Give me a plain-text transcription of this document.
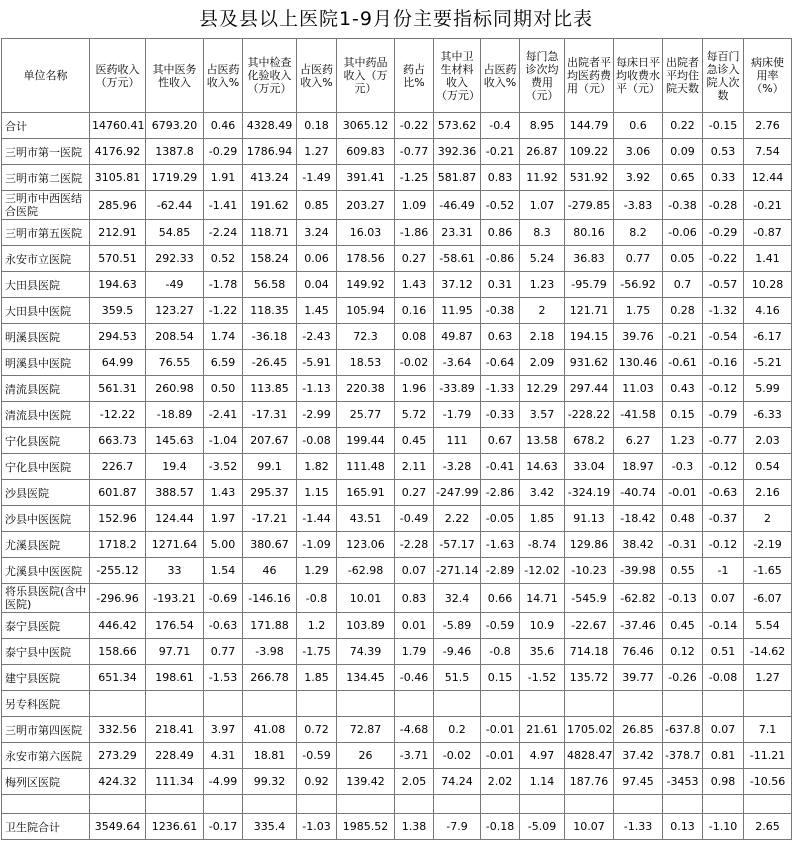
县及县以上医院1-9月份主要指标同期对比表
单位名称	医药收入（万元）	其中医务性收入	占医药收入%	其中检查化验收入（万元）	占医药收入%	其中药品收入（万元）	药占比%	其中卫生材料收入（万元）	占医药收入%	每门急诊次均费用（元）	出院者平均医药费用（元）	每床日平均收费水平（元）	出院者平均住院天数	每百门急诊入院人次数	病床使用率（%）
合计	14760.41	6793.20	0.46	4328.49	0.18	3065.12	-0.22	573.62	-0.4	8.95	144.79	0.6	0.22	-0.15	2.76
三明市第一医院	4176.92	1387.8	-0.29	1786.94	1.27	609.83	-0.77	392.36	-0.21	26.87	109.22	3.06	0.09	0.53	7.54
三明市第二医院	3105.81	1719.29	1.91	413.24	-1.49	391.41	-1.25	581.87	0.83	11.92	531.92	3.92	0.65	0.33	12.44
三明市中西医结合医院	285.96	-62.44	-1.41	191.62	0.85	203.27	1.09	-46.49	-0.52	1.07	-279.85	-3.83	-0.38	-0.28	-0.21
三明市第五医院	212.91	54.85	-2.24	118.71	3.24	16.03	-1.86	23.31	0.86	8.3	80.16	8.2	-0.06	-0.29	-0.87
永安市立医院	570.51	292.33	0.52	158.24	0.06	178.56	0.27	-58.61	-0.86	5.24	36.83	0.77	0.05	-0.22	1.41
大田县医院	194.63	-49	-1.78	56.58	0.04	149.92	1.43	37.12	0.31	1.23	-95.79	-56.92	0.7	-0.57	10.28
大田县中医院	359.5	123.27	-1.22	118.35	1.45	105.94	0.16	11.95	-0.38	2	121.71	1.75	0.28	-1.32	4.16
明溪县医院	294.53	208.54	1.74	-36.18	-2.43	72.3	0.08	49.87	0.63	2.18	194.15	39.76	-0.21	-0.54	-6.17
明溪县中医院	64.99	76.55	6.59	-26.45	-5.91	18.53	-0.02	-3.64	-0.64	2.09	931.62	130.46	-0.61	-0.16	-5.21
清流县医院	561.31	260.98	0.50	113.85	-1.13	220.38	1.96	-33.89	-1.33	12.29	297.44	11.03	0.43	-0.12	5.99
清流县中医院	-12.22	-18.89	-2.41	-17.31	-2.99	25.77	5.72	-1.79	-0.33	3.57	-228.22	-41.58	0.15	-0.79	-6.33
宁化县医院	663.73	145.63	-1.04	207.67	-0.08	199.44	0.45	111	0.67	13.58	678.2	6.27	1.23	-0.77	2.03
宁化县中医院	226.7	19.4	-3.52	99.1	1.82	111.48	2.11	-3.28	-0.41	14.63	33.04	18.97	-0.3	-0.12	0.54
沙县医院	601.87	388.57	1.43	295.37	1.15	165.91	0.27	-247.99	-2.86	3.42	-324.19	-40.74	-0.01	-0.63	2.16
沙县中医医院	152.96	124.44	1.97	-17.21	-1.44	43.51	-0.49	2.22	-0.05	1.85	91.13	-18.42	0.48	-0.37	2
尤溪县医院	1718.2	1271.64	5.00	380.67	-1.09	123.06	-2.28	-57.17	-1.63	-8.74	129.86	38.42	-0.31	-0.12	-2.19
尤溪县中医医院	-255.12	33	1.54	46	1.29	-62.98	0.07	-271.14	-2.89	-12.02	-10.23	-39.98	0.55	-1	-1.65
将乐县医院(含中医院)	-296.96	-193.21	-0.69	-146.16	-0.8	10.01	0.83	32.4	0.66	14.71	-545.9	-62.82	-0.13	0.07	-6.07
泰宁县医院	446.42	176.54	-0.63	171.88	1.2	103.89	0.01	-5.89	-0.59	10.9	-22.67	-37.46	0.45	-0.14	5.54
泰宁县中医院	158.66	97.71	0.77	-3.98	-1.75	74.39	1.79	-9.46	-0.8	35.6	714.18	76.46	0.12	0.51	-14.62
建宁县医院	651.34	198.61	-1.53	266.78	1.85	134.45	-0.46	51.5	0.15	-1.52	135.72	39.77	-0.26	-0.08	1.27
另专科医院															
三明市第四医院	332.56	218.41	3.97	41.08	0.72	72.87	-4.68	0.2	-0.01	21.61	1705.02	26.85	-637.8	0.07	7.1
永安市第六医院	273.29	228.49	4.31	18.81	-0.59	26	-3.71	-0.02	-0.01	4.97	4828.47	37.42	-378.7	0.81	-11.21
梅列区医院	424.32	111.34	-4.99	99.32	0.92	139.42	2.05	74.24	2.02	1.14	187.76	97.45	-3453	0.98	-10.56

卫生院合计	3549.64	1236.61	-0.17	335.4	-1.03	1985.52	1.38	-7.9	-0.18	-5.09	10.07	-1.33	0.13	-1.10	2.65
